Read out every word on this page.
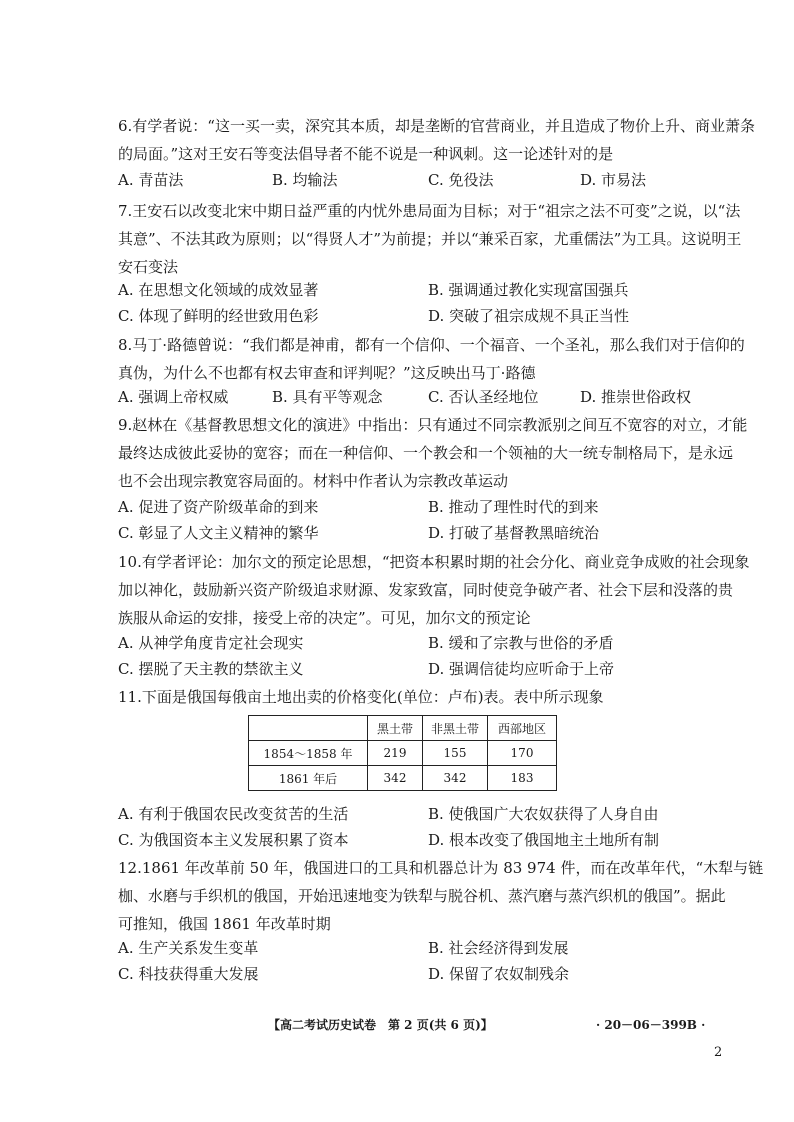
6.有学者说：“这一买一卖，深究其本质，却是垄断的官营商业，并且造成了物价上升、商业萧条
的局面。”这对王安石等变法倡导者不能不说是一种讽刺。这一论述针对的是
A. 青苗法	B. 均输法	C. 免役法	D. 市易法
7.王安石以改变北宋中期日益严重的内忧外患局面为目标；对于“祖宗之法不可变”之说，以“法
其意”、不法其政为原则；以“得贤人才”为前提；并以“兼采百家，尤重儒法”为工具。这说明王
安石变法
A. 在思想文化领域的成效显著	B. 强调通过教化实现富国强兵
C. 体现了鲜明的经世致用色彩	D. 突破了祖宗成规不具正当性
8.马丁·路德曾说：“我们都是神甫，都有一个信仰、一个福音、一个圣礼，那么我们对于信仰的
真伪，为什么不也都有权去审查和评判呢？”这反映出马丁·路德
A. 强调上帝权威	B. 具有平等观念	C. 否认圣经地位	D. 推崇世俗政权
9.赵林在《基督教思想文化的演进》中指出：只有通过不同宗教派别之间互不宽容的对立，才能
最终达成彼此妥协的宽容；而在一种信仰、一个教会和一个领袖的大一统专制格局下，是永远
也不会出现宗教宽容局面的。材料中作者认为宗教改革运动
A. 促进了资产阶级革命的到来	B. 推动了理性时代的到来
C. 彰显了人文主义精神的繁华	D. 打破了基督教黑暗统治
10.有学者评论：加尔文的预定论思想，“把资本积累时期的社会分化、商业竞争成败的社会现象
加以神化，鼓励新兴资产阶级追求财源、发家致富，同时使竞争破产者、社会下层和没落的贵
族服从命运的安排，接受上帝的决定”。可见，加尔文的预定论
A. 从神学角度肯定社会现实	B. 缓和了宗教与世俗的矛盾
C. 摆脱了天主教的禁欲主义	D. 强调信徒均应听命于上帝
11.下面是俄国每俄亩土地出卖的价格变化(单位：卢布)表。表中所示现象
	黑土带	非黑土带	西部地区
1854～1858 年	219	155	170
1861 年后	342	342	183
A. 有利于俄国农民改变贫苦的生活	B. 使俄国广大农奴获得了人身自由
C. 为俄国资本主义发展积累了资本	D. 根本改变了俄国地主土地所有制
12.1861 年改革前 50 年，俄国进口的工具和机器总计为 83 974 件，而在改革年代，“木犁与链
枷、水磨与手织机的俄国，开始迅速地变为铁犁与脱谷机、蒸汽磨与蒸汽织机的俄国”。据此
可推知，俄国 1861 年改革时期
A. 生产关系发生变革	B. 社会经济得到发展
C. 科技获得重大发展	D. 保留了农奴制残余
【高二考试历史试卷　第 2 页(共 6 页)】	· 20－06－399B ·
2
